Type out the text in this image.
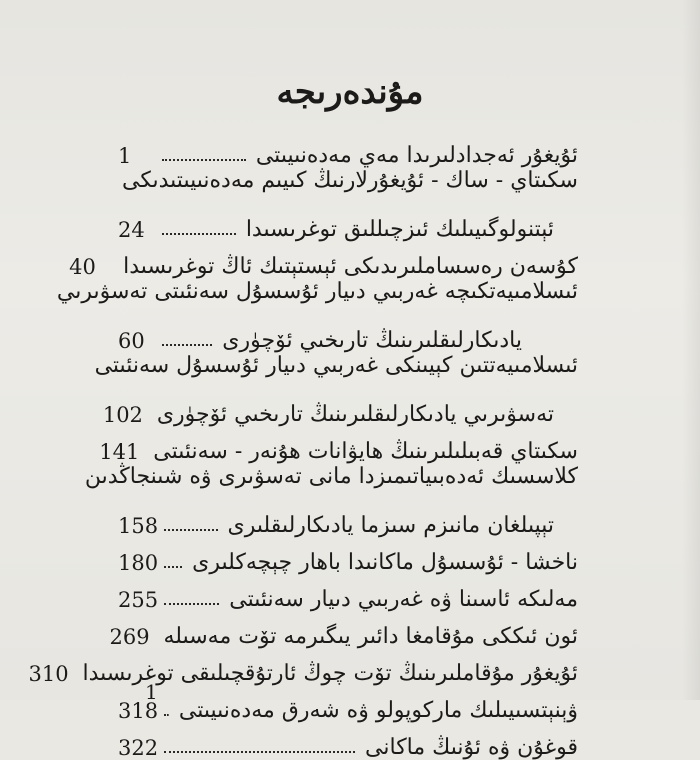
مۇندەرىجە
ئۇيغۇر ئەجدادلىرىدا مەي مەدەنىيىتى
1
سكىتاي - ساك - ئۇيغۇرلارنىڭ كىيىم مەدەنىيىتىدىكى
ئېتنولوگىيىلىك ئىزچىللىق توغرىسىدا
24
كۇسەن رەسساملىرىدىكى ئېستېتىك ئاڭ توغرىسىدا
40
ئىسلامىيەتكىچە غەربىي دىيار ئۇسسۇل سەنئىتى تەسۋىرىي
يادىكارلىقلىرىنىڭ تارىخىي ئۆچۈرى
60
ئىسلامىيەتتىن كېيىنكى غەربىي دىيار ئۇسسۇل سەنئىتى
تەسۋىرىي يادىكارلىقلىرىنىڭ تارىخىي ئۆچۈرى
102
سكىتاي قەبىلىلىرىنىڭ ھايۋانات ھۇنەر - سەنئىتى
141
كلاسسىك ئەدەبىياتىمىزدا مانى تەسۋىرى ۋە شىنجاڭدىن
تېپىلغان مانىزم سىزما يادىكارلىقلىرى
158
ناخشا - ئۇسسۇل ماكانىدا باھار چېچەكلىرى
180
مەلىكە ئاسىنا ۋە غەربىي دىيار سەنئىتى
255
ئون ئىككى مۇقامغا دائىر يىگىرمە تۆت مەسىلە
269
ئۇيغۇر مۇقاملىرىنىڭ تۆت چوڭ ئارتۇقچىلىقى توغرىسىدا
310
ۋېنېتسىيىلىك ماركوپولو ۋە شەرق مەدەنىيىتى
318
قوغۇن ۋە ئۇنىڭ ماكانى
322
1
